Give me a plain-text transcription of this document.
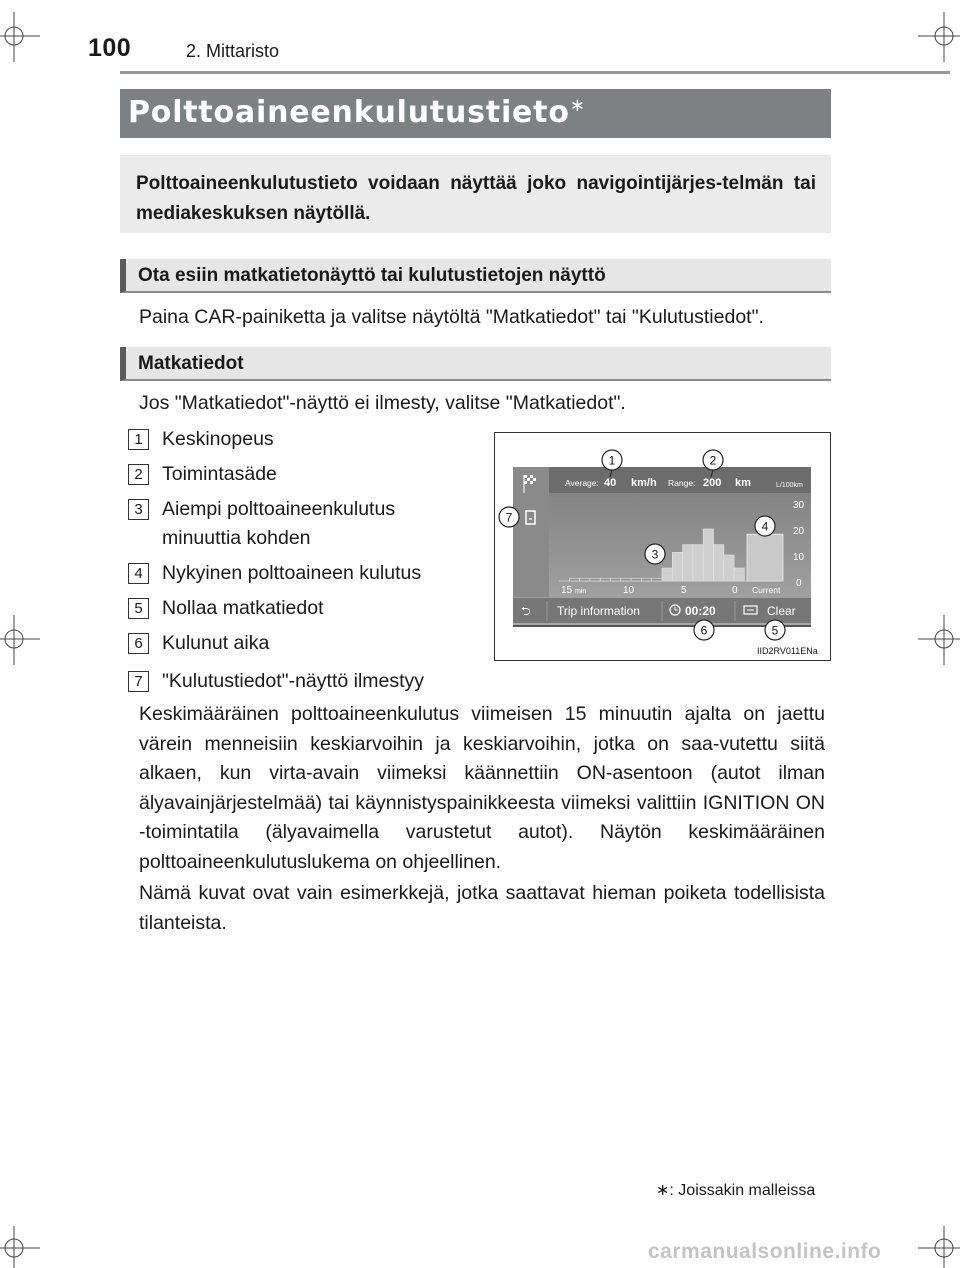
100	2. Mittaristo
Polttoaineenkulutustieto∗
Polttoaineenkulutustieto voidaan näyttää joko navigointijärjes-telmän tai mediakeskuksen näytöllä.
Ota esiin matkatietonäyttö tai kulutustietojen näyttö
Paina CAR-painiketta ja valitse näytöltä "Matkatiedot" tai "Kulutustiedot".
Matkatiedot
Jos "Matkatiedot"-näyttö ei ilmesty, valitse "Matkatiedot".
1 Keskinopeus
2 Toimintasäde
3 Aiempi polttoaineenkulutus
minuuttia kohden
4 Nykyinen polttoaineen kulutus
5 Nollaa matkatiedot
6 Kulunut aika
7 "Kulutustiedot"-näyttö ilmestyy
Average: 40 km/h Range: 200 km	L/100km
30
20
10
0
15 min	10	5	0 Current
⮌ Trip information	00:20	Clear
1	2
3
4
5
6
7
IID2RV011ENa
Keskimääräinen polttoaineenkulutus viimeisen 15 minuutin ajalta on jaettu värein menneisiin keskiarvoihin ja keskiarvoihin, jotka on saa-vutettu siitä alkaen, kun virta-avain viimeksi käännettiin ON-asentoon (autot ilman älyavainjärjestelmää) tai käynnistyspainikkeesta viimeksi valittiin IGNITION ON -toimintatila (älyavaimella varustetut autot). Näytön keskimääräinen polttoaineenkulutuslukema on ohjeellinen.
Nämä kuvat ovat vain esimerkkejä, jotka saattavat hieman poiketa todellisista tilanteista.
∗: Joissakin malleissa
carmanualsonline.info
